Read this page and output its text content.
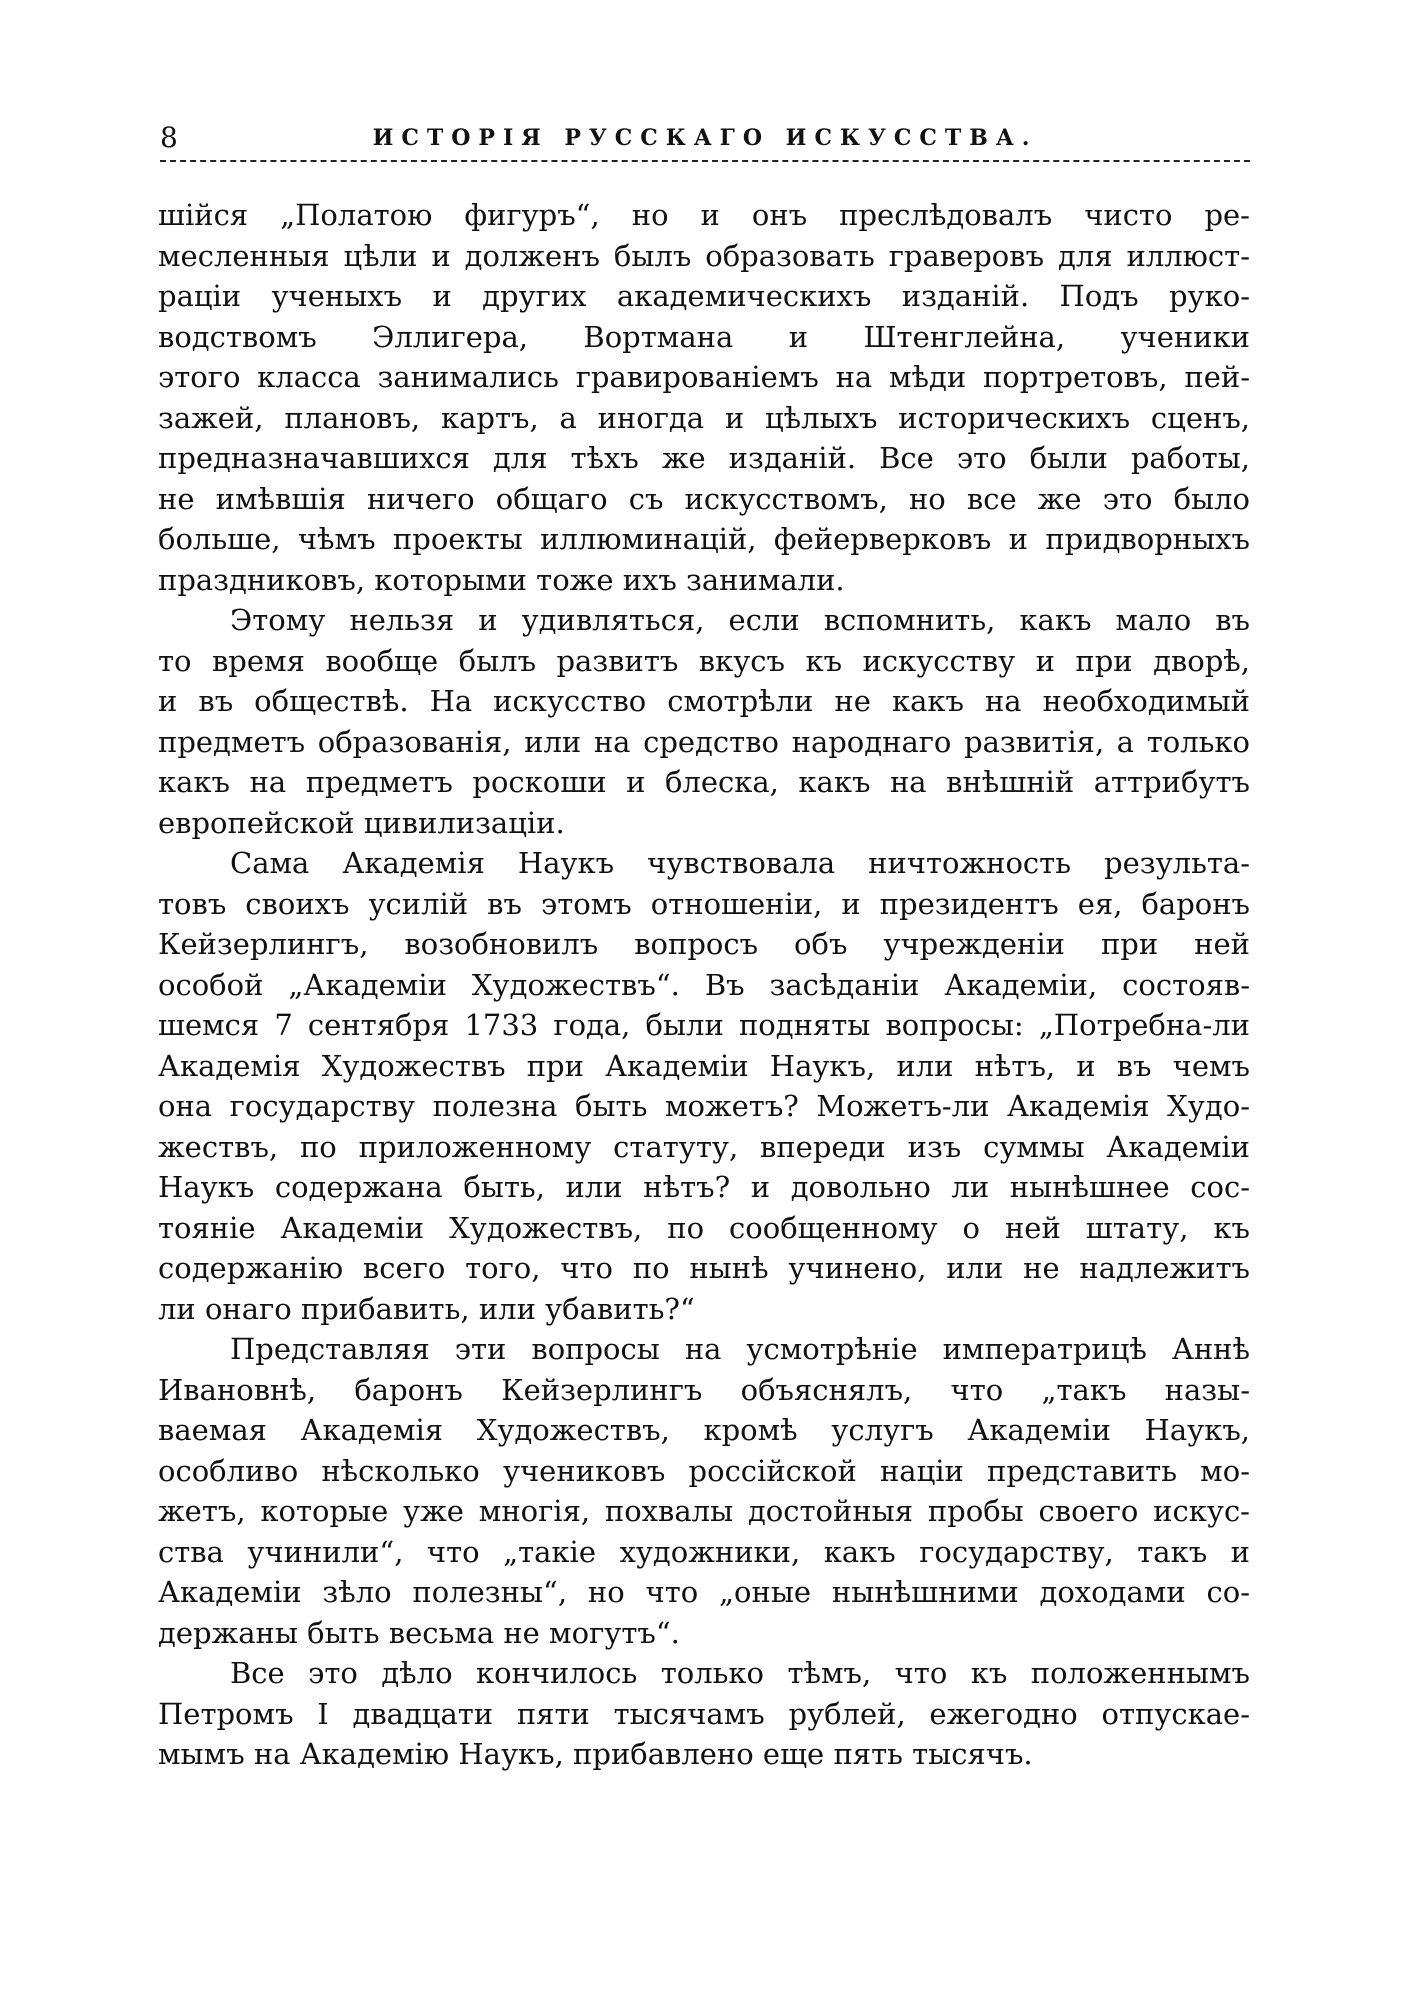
8	ИСТОРІЯ РУССКАГО ИСКУССТВА.
шійся „Полатою фигуръ“, но и онъ преслѣдовалъ чисто ре-
месленныя цѣли и долженъ былъ образовать граверовъ для иллюст-
раціи ученыхъ и других академическихъ изданій. Подъ руко-
водствомъ Эллигера, Вортмана и Штенглейна, ученики
этого класса занимались гравированіемъ на мѣди портретовъ, пей-
зажей, плановъ, картъ, а иногда и цѣлыхъ историческихъ сценъ,
предназначавшихся для тѣхъ же изданій. Все это были работы,
не имѣвшія ничего общаго съ искусствомъ, но все же это было
больше, чѣмъ проекты иллюминацій, фейерверковъ и придворныхъ
праздниковъ, которыми тоже ихъ занимали.
Этому нельзя и удивляться, если вспомнить, какъ мало въ
то время вообще былъ развитъ вкусъ къ искусству и при дворѣ,
и въ обществѣ. На искусство смотрѣли не какъ на необходимый
предметъ образованія, или на средство народнаго развитія, а только
какъ на предметъ роскоши и блеска, какъ на внѣшній аттрибутъ
европейской цивилизаціи.
Сама Академія Наукъ чувствовала ничтожность результа-
товъ своихъ усилій въ этомъ отношеніи, и президентъ ея, баронъ
Кейзерлингъ, возобновилъ вопросъ объ учрежденіи при ней
особой „Академіи Художествъ“. Въ засѣданіи Академіи, состояв-
шемся 7 сентября 1733 года, были подняты вопросы: „Потребна-ли
Академія Художествъ при Академіи Наукъ, или нѣтъ, и въ чемъ
она государству полезна быть можетъ? Можетъ-ли Академія Худо-
жествъ, по приложенному статуту, впереди изъ суммы Академіи
Наукъ содержана быть, или нѣтъ? и довольно ли нынѣшнее сос-
тояніе Академіи Художествъ, по сообщенному о ней штату, къ
содержанію всего того, что по нынѣ учинено, или не надлежитъ
ли онаго прибавить, или убавить?“
Представляя эти вопросы на усмотрѣніе императрицѣ Аннѣ
Ивановнѣ, баронъ Кейзерлингъ объяснялъ, что „такъ назы-
ваемая Академія Художествъ, кромѣ услугъ Академіи Наукъ,
особливо нѣсколько учениковъ россійской націи представить мо-
жетъ, которые уже многія, похвалы достойныя пробы своего искус-
ства учинили“, что „такіе художники, какъ государству, такъ и
Академіи зѣло полезны“, но что „оные нынѣшними доходами со-
держаны быть весьма не могутъ“.
Все это дѣло кончилось только тѣмъ, что къ положеннымъ
Петромъ I двадцати пяти тысячамъ рублей, ежегодно отпускае-
мымъ на Академію Наукъ, прибавлено еще пять тысячъ.
